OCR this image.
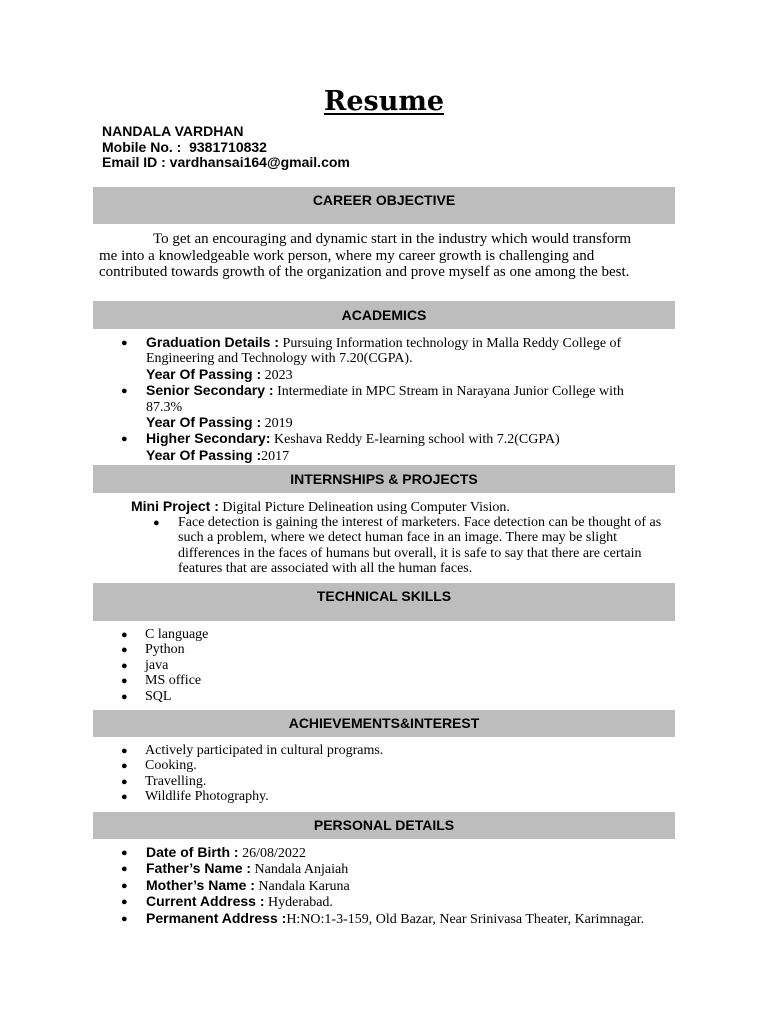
Resume
NANDALA VARDHAN
Mobile No. :  9381710832
Email ID : vardhansai164@gmail.com
CAREER OBJECTIVE
To get an encouraging and dynamic start in the industry which would transform
me into a knowledgeable work person, where my career growth is challenging and
contributed towards growth of the organization and prove myself as one among the best.
ACADEMICS
● Graduation Details : Pursuing Information technology in Malla Reddy College of
Engineering and Technology with 7.20(CGPA).
Year Of Passing : 2023
● Senior Secondary : Intermediate in MPC Stream in Narayana Junior College with
87.3%
Year Of Passing : 2019
● Higher Secondary: Keshava Reddy E-learning school with 7.2(CGPA)
Year Of Passing :2017
INTERNSHIPS & PROJECTS
Mini Project : Digital Picture Delineation using Computer Vision.
● Face detection is gaining the interest of marketers. Face detection can be thought of as
such a problem, where we detect human face in an image. There may be slight
differences in the faces of humans but overall, it is safe to say that there are certain
features that are associated with all the human faces.
TECHNICAL SKILLS
● C language
● Python
● java
● MS office
● SQL
ACHIEVEMENTS&INTEREST
● Actively participated in cultural programs.
● Cooking.
● Travelling.
● Wildlife Photography.
PERSONAL DETAILS
● Date of Birth : 26/08/2022
● Father’s Name : Nandala Anjaiah
● Mother’s Name : Nandala Karuna
● Current Address : Hyderabad.
● Permanent Address :H:NO:1-3-159, Old Bazar, Near Srinivasa Theater, Karimnagar.
